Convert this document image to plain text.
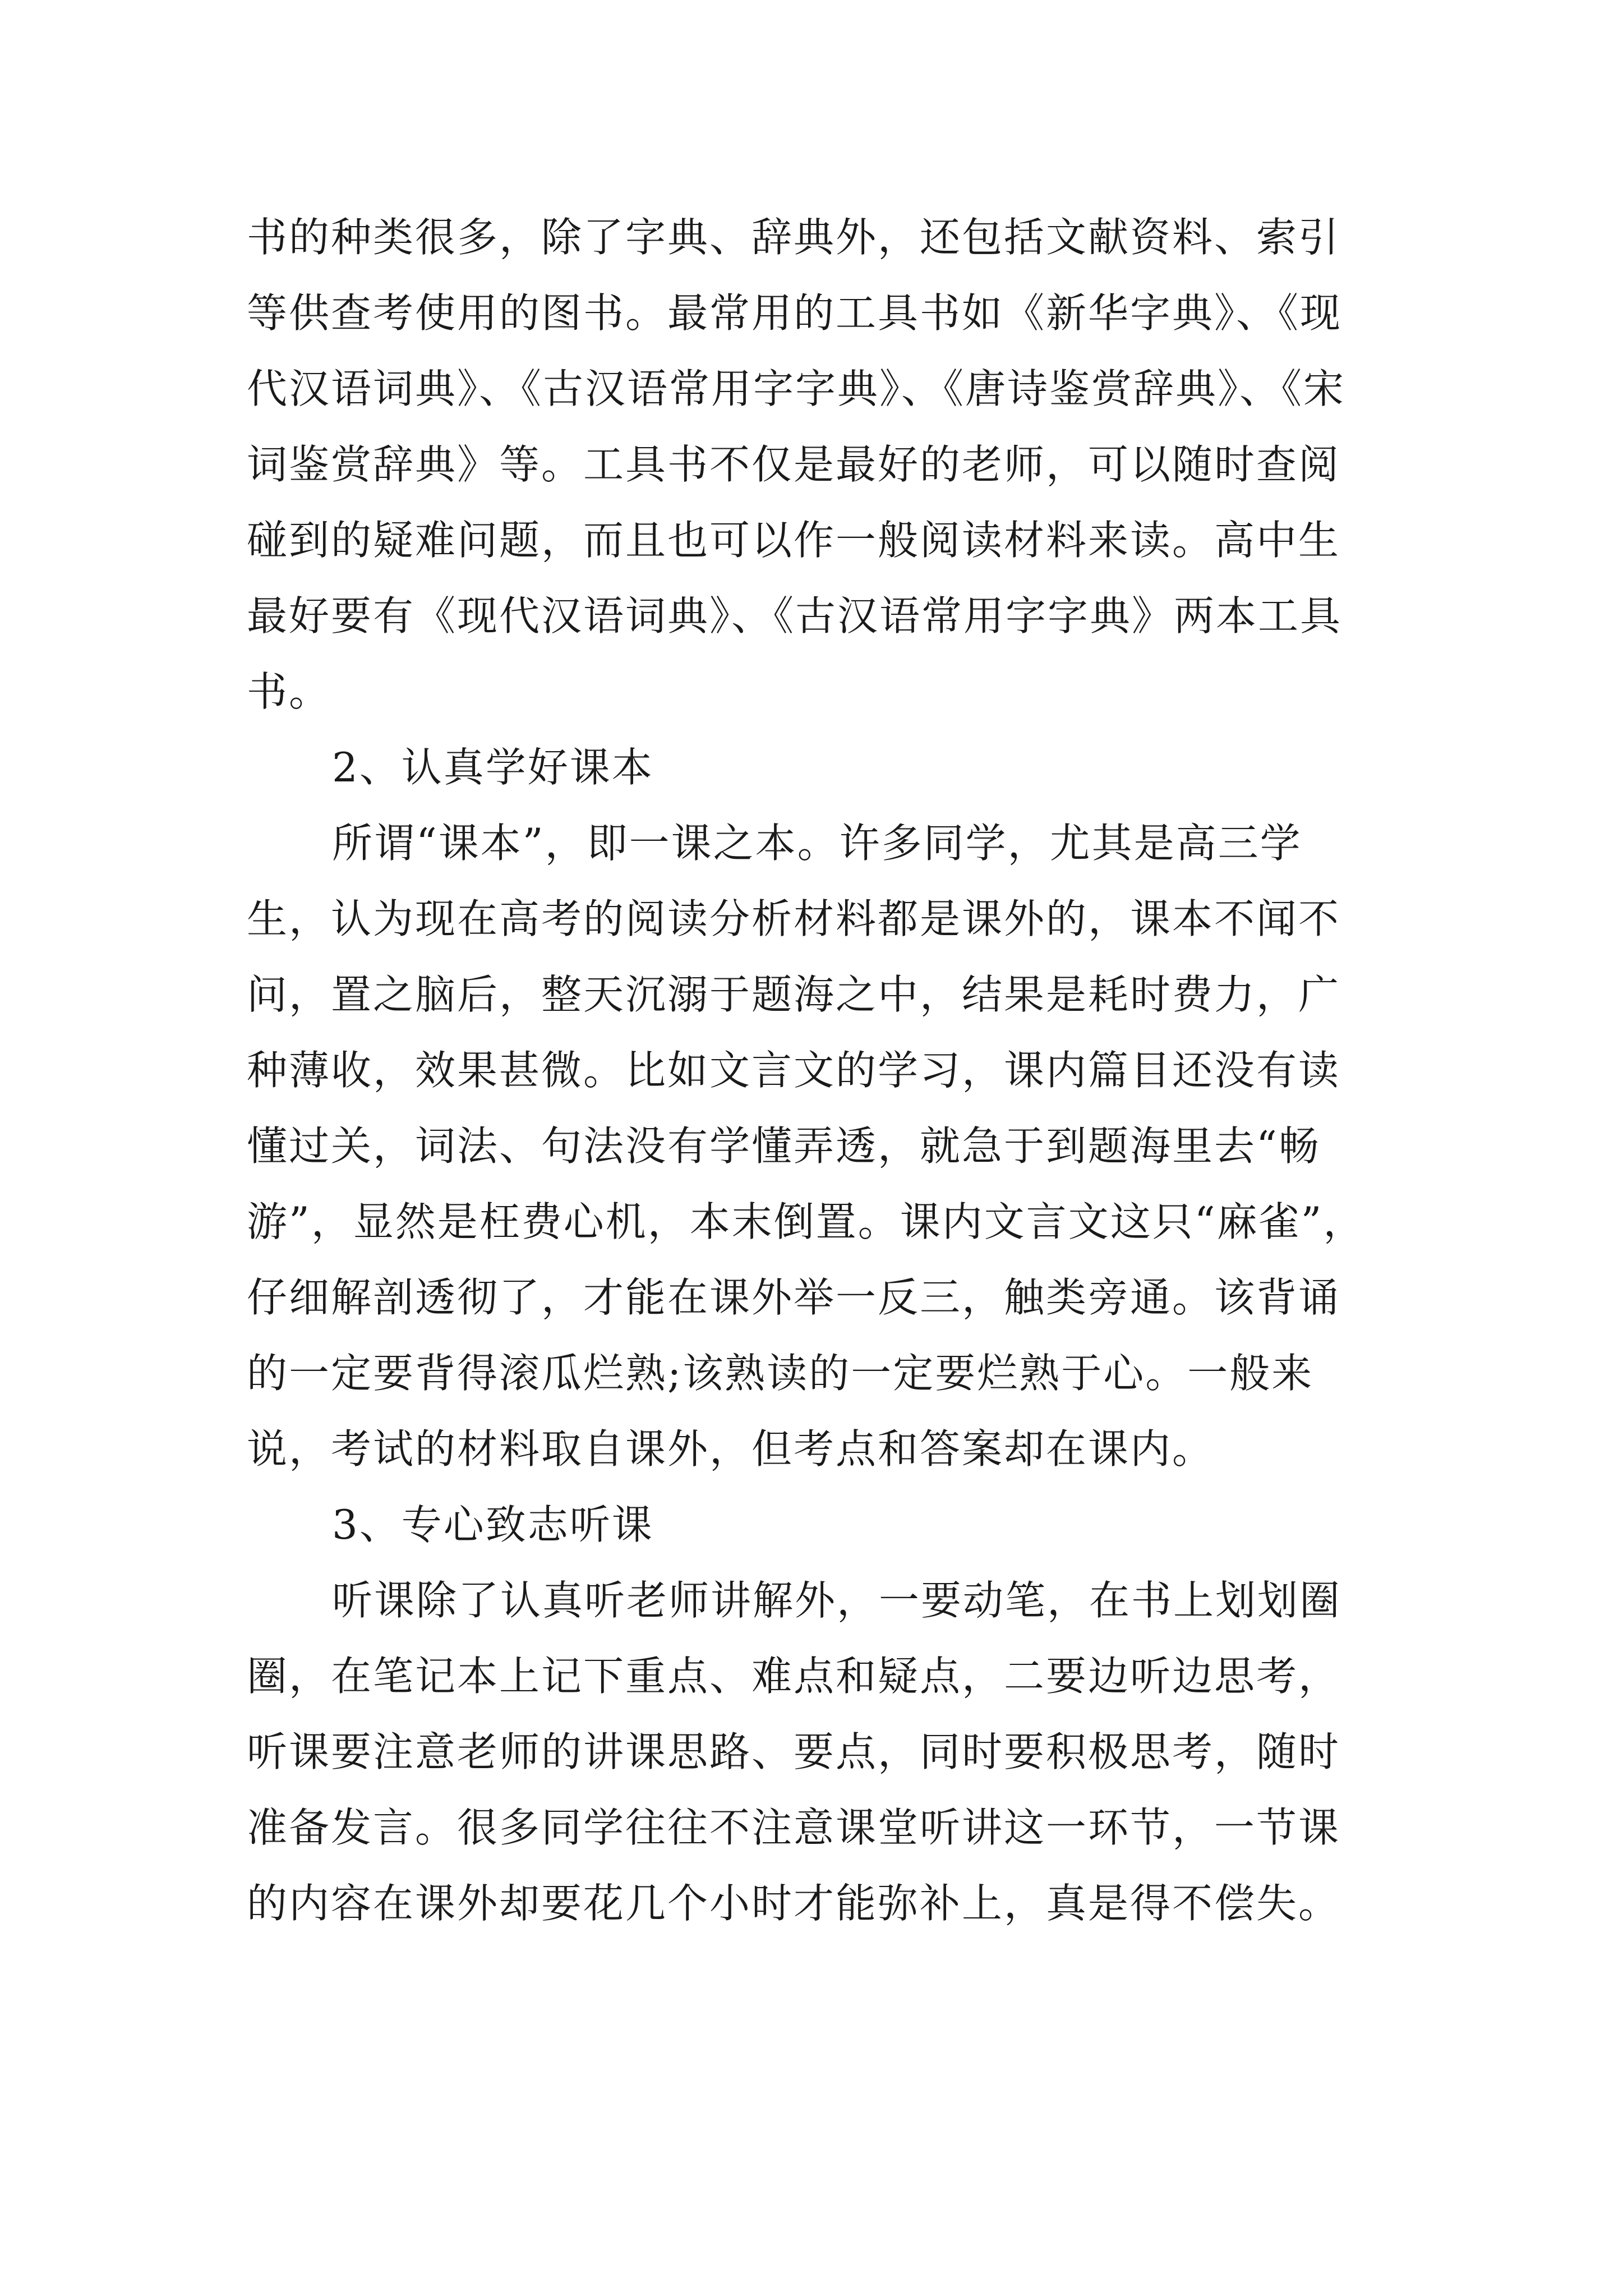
书的种类很多，除了字典、辞典外，还包括文献资料、索引
等供查考使用的图书。最常用的工具书如《新华字典》、《现
代汉语词典》、《古汉语常用字字典》、《唐诗鉴赏辞典》、《宋
词鉴赏辞典》等。工具书不仅是最好的老师，可以随时查阅
碰到的疑难问题，而且也可以作一般阅读材料来读。高中生
最好要有《现代汉语词典》、《古汉语常用字字典》两本工具
书。
2、认真学好课本
所谓“课本”，即一课之本。许多同学，尤其是高三学
生，认为现在高考的阅读分析材料都是课外的，课本不闻不
问，置之脑后，整天沉溺于题海之中，结果是耗时费力，广
种薄收，效果甚微。比如文言文的学习，课内篇目还没有读
懂过关，词法、句法没有学懂弄透，就急于到题海里去“畅
游”，显然是枉费心机，本末倒置。课内文言文这只“麻雀”，
仔细解剖透彻了，才能在课外举一反三，触类旁通。该背诵
的一定要背得滚瓜烂熟;该熟读的一定要烂熟于心。一般来
说，考试的材料取自课外，但考点和答案却在课内。
3、专心致志听课
听课除了认真听老师讲解外，一要动笔，在书上划划圈
圈，在笔记本上记下重点、难点和疑点，二要边听边思考，
听课要注意老师的讲课思路、要点，同时要积极思考，随时
准备发言。很多同学往往不注意课堂听讲这一环节，一节课
的内容在课外却要花几个小时才能弥补上，真是得不偿失。
